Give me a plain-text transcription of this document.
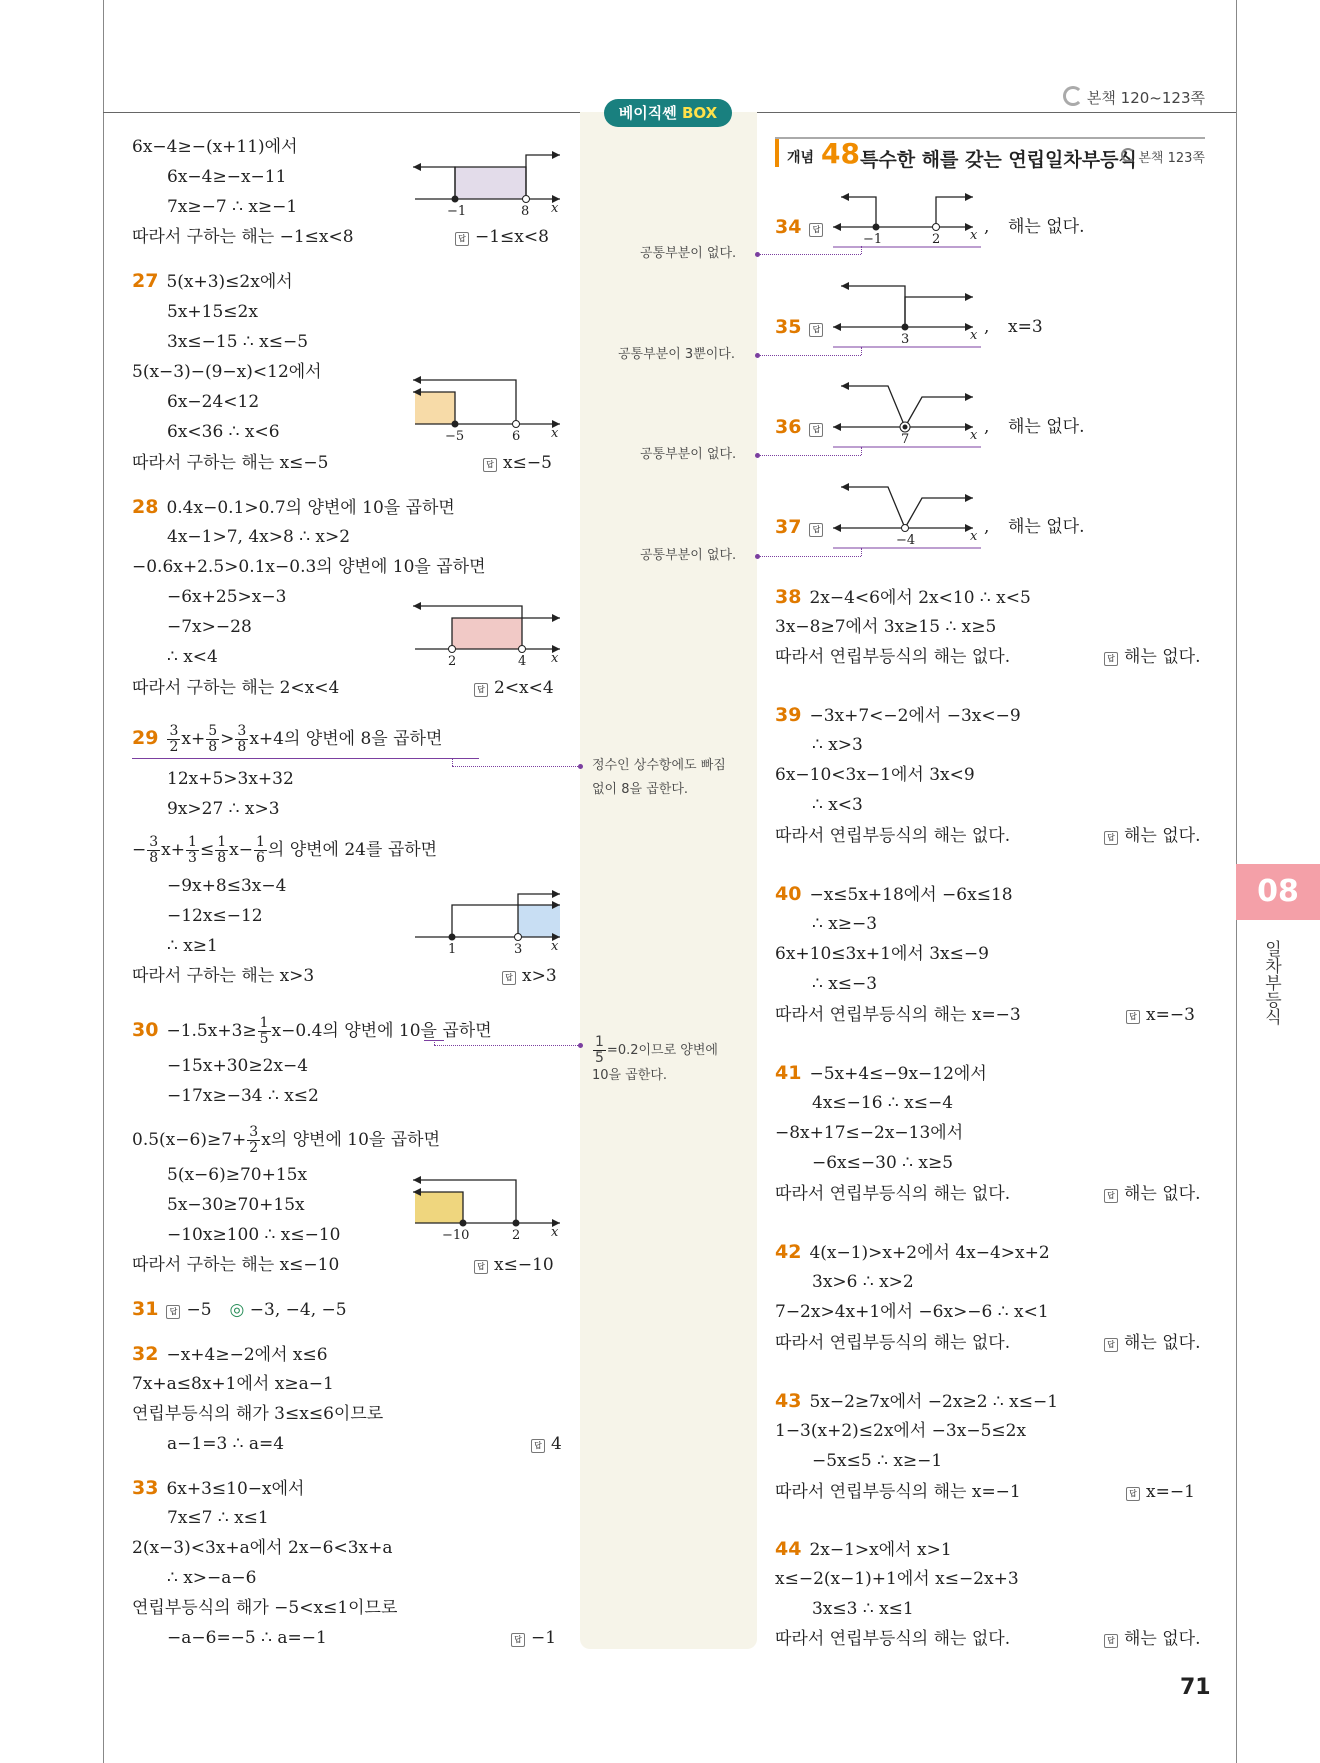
본책 120~123쪽
베이직쎈 BOX
6x−4≥−(x+11)에서
6x−4≥−x−11
7x≥−7 ∴ x≥−1
따라서 구하는 해는 −1≤x<8	답 −1≤x<8
27 5(x+3)≤2x에서
5x+15≤2x
3x≤−15 ∴ x≤−5
5(x−3)−(9−x)<12에서
6x−24<12
6x<36 ∴ x<6
따라서 구하는 해는 x≤−5	답 x≤−5
28 0.4x−0.1>0.7의 양변에 10을 곱하면
4x−1>7, 4x>8 ∴ x>2
−0.6x+2.5>0.1x−0.3의 양변에 10을 곱하면
−6x+25>x−3
−7x>−28
∴ x<4
따라서 구하는 해는 2<x<4	답 2<x<4
$29 \frac{3}{2} x+ \frac{5}{8} > \frac{3}{8} x+4$의 양변에 8을 곱하면
12x+5>3x+32
9x>27 ∴ x>3
− $\frac{3}{8} x+ \frac{1}{3} \le \frac{1}{8} x- \frac{1}{6}$ 의 양변에 24를 곱하면
−9x+8≤3x−4
−12x≤−12
∴ x≥1
따라서 구하는 해는 x>3	답 x>3
$30 -1.5x+3\ge \frac{1}{5} x-0.4$의 양변에 10을 곱하면
−15x+30≥2x−4
−17x≥−34 ∴ x≤2
$0.5(x-6)\ge 7+ \frac{3}{2}$ x의 양변에 10을 곱하면
5(x−6)≥70+15x
5x−30≥70+15x
−10x≥100 ∴ x≤−10
따라서 구하는 해는 x≤−10	답 x≤−10
31 답 −5 ◎ −3, −4, −5
32 −x+4≥−2에서 x≤6
7x+a≤8x+1에서 x≥a−1
연립부등식의 해가 3≤x≤6이므로
a−1=3 ∴ a=4	답 4
33 6x+3≤10−x에서
7x≤7 ∴ x≤1
2(x−3)<3x+a에서 2x−6<3x+a
∴ x>−a−6
연립부등식의 해가 −5<x≤1이므로
−a−6=−5 ∴ a=−1	답 −1
−1	8 x
−5	6 x
2	4 x
1	3 x
−10	2 x
공통부분이 없다.
공통부분이 3뿐이다.
공통부분이 없다.
공통부분이 없다.
정수인 상수항에도 빠짐
없이 8을 곱한다.
$\frac{1}{5} =0.2$이므로 양변에
10을 곱한다.
개념 48 특수한 해를 갖는 연립일차부등식 본책 123쪽
34 답
−1	2 x , 해는 없다.
35 답
3	x , x=3
36 답
7	x , 해는 없다.
37 답
−4	x , 해는 없다.
38 2x−4<6에서 2x<10 ∴ x<5
3x−8≥7에서 3x≥15 ∴ x≥5
따라서 연립부등식의 해는 없다.	답 해는 없다.
39 −3x+7<−2에서 −3x<−9
∴ x>3
6x−10<3x−1에서 3x<9
∴ x<3
따라서 연립부등식의 해는 없다.	답 해는 없다.
40 −x≤5x+18에서 −6x≤18
∴ x≥−3
6x+10≤3x+1에서 3x≤−9
∴ x≤−3
따라서 연립부등식의 해는 x=−3	답 x=−3
41 −5x+4≤−9x−12에서
4x≤−16 ∴ x≤−4
−8x+17≤−2x−13에서
−6x≤−30 ∴ x≥5
따라서 연립부등식의 해는 없다.	답 해는 없다.
42 4(x−1)>x+2에서 4x−4>x+2
3x>6 ∴ x>2
7−2x>4x+1에서 −6x>−6 ∴ x<1
따라서 연립부등식의 해는 없다.	답 해는 없다.
43 5x−2≥7x에서 −2x≥2 ∴ x≤−1
1−3(x+2)≤2x에서 −3x−5≤2x
−5x≤5 ∴ x≥−1
따라서 연립부등식의 해는 x=−1	답 x=−1
44 2x−1>x에서 x>1
x≤−2(x−1)+1에서 x≤−2x+3
3x≤3 ∴ x≤1
따라서 연립부등식의 해는 없다.	답 해는 없다.
08
일차부등식
71
